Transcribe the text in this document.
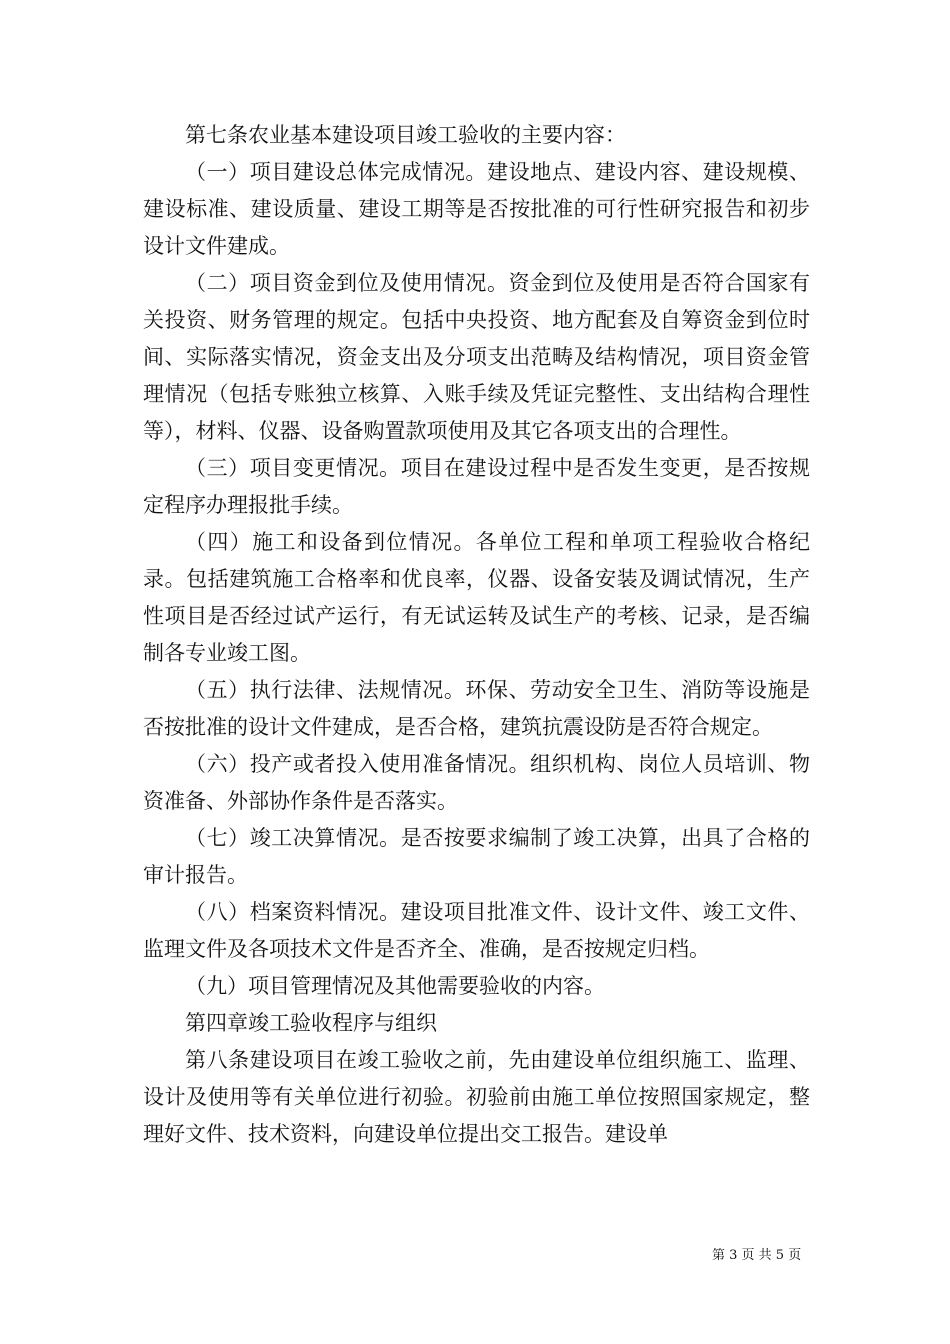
第七条农业基本建设项目竣工验收的主要内容：

（一）项目建设总体完成情况。建设地点、建设内容、建设规模、建设标准、建设质量、建设工期等是否按批准的可行性研究报告和初步设计文件建成。

（二）项目资金到位及使用情况。资金到位及使用是否符合国家有关投资、财务管理的规定。包括中央投资、地方配套及自筹资金到位时间、实际落实情况，资金支出及分项支出范畴及结构情况，项目资金管理情况（包括专账独立核算、入账手续及凭证完整性、支出结构合理性等），材料、仪器、设备购置款项使用及其它各项支出的合理性。

（三）项目变更情况。项目在建设过程中是否发生变更，是否按规定程序办理报批手续。

（四）施工和设备到位情况。各单位工程和单项工程验收合格纪录。包括建筑施工合格率和优良率，仪器、设备安装及调试情况，生产性项目是否经过试产运行，有无试运转及试生产的考核、记录，是否编制各专业竣工图。

（五）执行法律、法规情况。环保、劳动安全卫生、消防等设施是否按批准的设计文件建成，是否合格，建筑抗震设防是否符合规定。

（六）投产或者投入使用准备情况。组织机构、岗位人员培训、物资准备、外部协作条件是否落实。

（七）竣工决算情况。是否按要求编制了竣工决算，出具了合格的审计报告。

（八）档案资料情况。建设项目批准文件、设计文件、竣工文件、监理文件及各项技术文件是否齐全、准确，是否按规定归档。

（九）项目管理情况及其他需要验收的内容。

第四章竣工验收程序与组织

第八条建设项目在竣工验收之前，先由建设单位组织施工、监理、设计及使用等有关单位进行初验。初验前由施工单位按照国家规定，整理好文件、技术资料，向建设单位提出交工报告。建设单

第 3 页 共 5 页
